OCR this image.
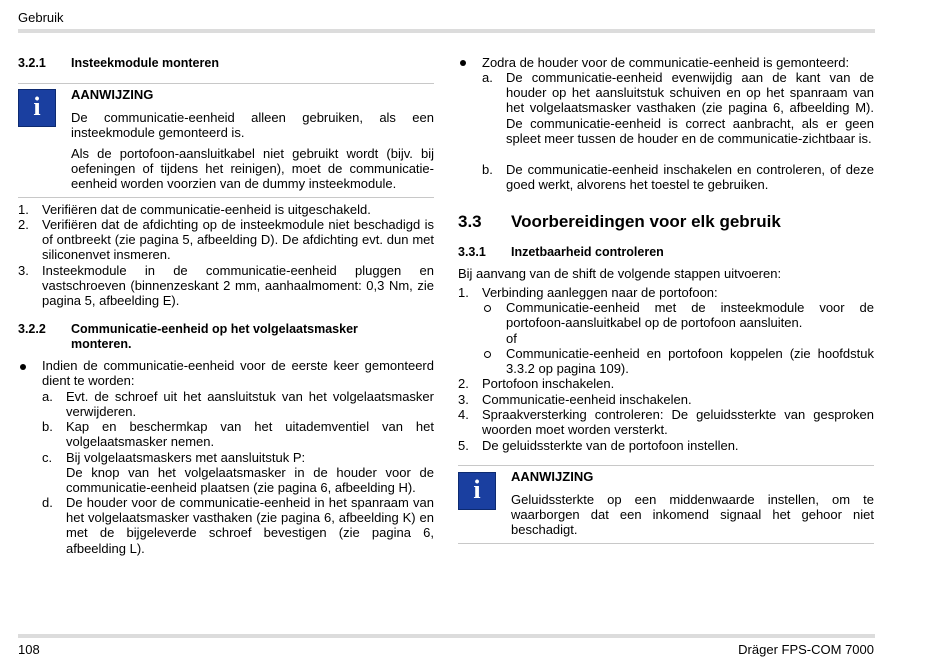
Gebruik
3.2.1 Insteekmodule monteren
i	AANWIJZING
De communicatie-eenheid alleen gebruiken, als een insteekmodule gemonteerd is.
Als de portofoon-aansluitkabel niet gebruikt wordt (bijv. bij oefeningen of tijdens het reinigen), moet de communicatie-eenheid worden voorzien van de dummy insteekmodule.
1. Verifiëren dat de communicatie-eenheid is uitgeschakeld.
2. Verifiëren dat de afdichting op de insteekmodule niet beschadigd is of ontbreekt (zie pagina 5, afbeelding D). De afdichting evt. dun met siliconenvet insmeren.
3. Insteekmodule in de communicatie-eenheid pluggen en vastschroeven (binnenzeskant 2 mm, aanhaalmoment: 0,3 Nm, zie pagina 5, afbeelding E).
3.2.2 Communicatie-eenheid op het volgelaatsmasker monteren.
Indien de communicatie-eenheid voor de eerste keer gemonteerd dient te worden:
a. Evt. de schroef uit het aansluitstuk van het volgelaatsmasker verwijderen.
b. Kap en beschermkap van het uitademventiel van het volgelaatsmasker nemen.
c. Bij volgelaatsmaskers met aansluitstuk P:
De knop van het volgelaatsmasker in de houder voor de communicatie-eenheid plaatsen (zie pagina 6, afbeelding H).
d. De houder voor de communicatie-eenheid in het spanraam van het volgelaatsmasker vasthaken (zie pagina 6, afbeelding K) en met de bijgeleverde schroef bevestigen (zie pagina 6, afbeelding L).
Zodra de houder voor de communicatie-eenheid is gemonteerd:
a. De communicatie-eenheid evenwijdig aan de kant van de houder op het aansluitstuk schuiven en op het spanraam van het volgelaatsmasker vasthaken (zie pagina 6, afbeelding M). De communicatie-eenheid is correct aanbracht, als er geen spleet meer tussen de houder en de communicatie-zichtbaar is.
b. De communicatie-eenheid inschakelen en controleren, of deze goed werkt, alvorens het toestel te gebruiken.
3.3 Voorbereidingen voor elk gebruik
3.3.1 Inzetbaarheid controleren
Bij aanvang van de shift de volgende stappen uitvoeren:
1. Verbinding aanleggen naar de portofoon:
Communicatie-eenheid met de insteekmodule voor de portofoon-aansluitkabel op de portofoon aansluiten.
of
Communicatie-eenheid en portofoon koppelen (zie hoofdstuk 3.3.2 op pagina 109).
2. Portofoon inschakelen.
3. Communicatie-eenheid inschakelen.
4. Spraakversterking controleren: De geluidssterkte van gesproken woorden moet worden versterkt.
5. De geluidssterkte van de portofoon instellen.
i	AANWIJZING
Geluidssterkte op een middenwaarde instellen, om te waarborgen dat een inkomend signaal het gehoor niet beschadigt.
108	Dräger FPS-COM 7000
